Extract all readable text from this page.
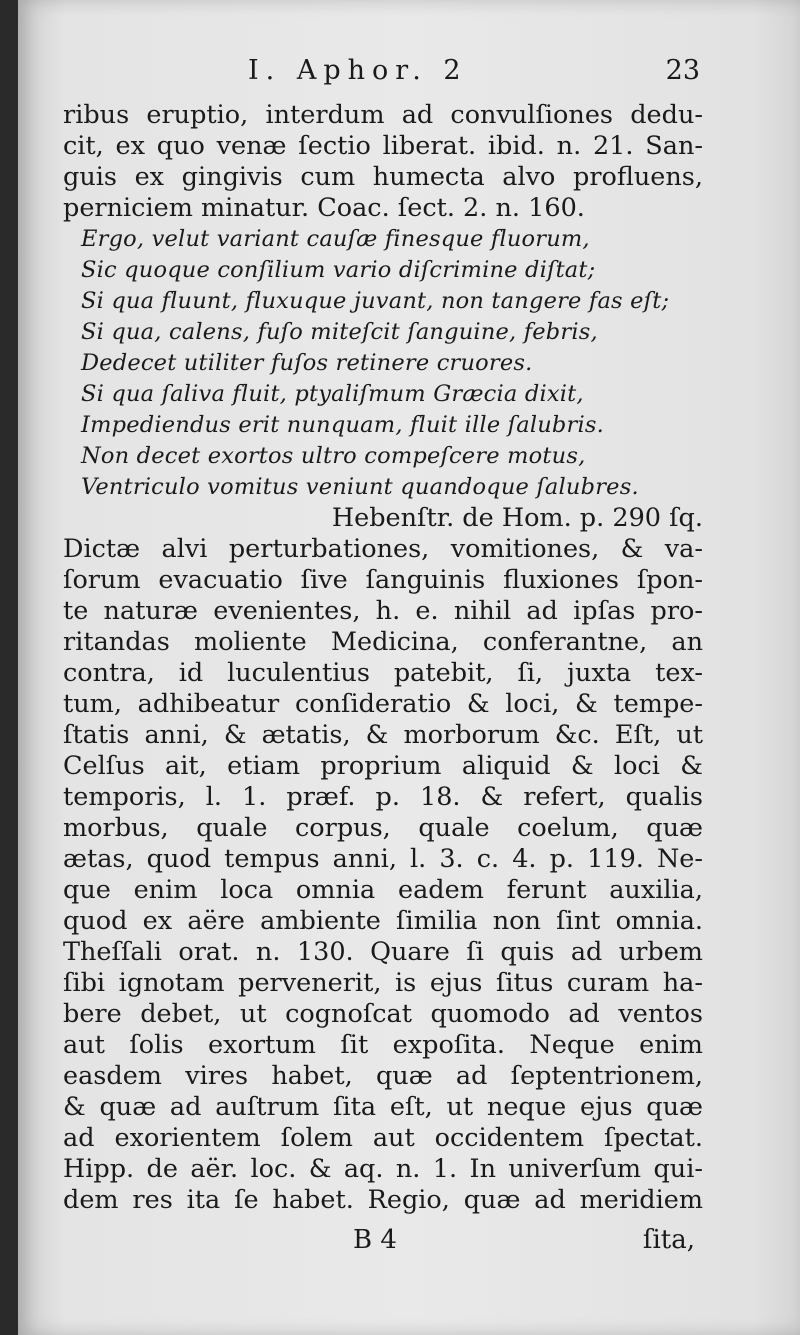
I. Aphor. 2	23
ribus eruptio, interdum ad convulſiones dedu-
cit, ex quo venæ ſectio liberat. ibid. n. 21. San-
guis ex gingivis cum humecta alvo profluens,
perniciem minatur. Coac. ſect. 2. n. 160.
Ergo, velut variant cauſæ finesque fluorum,
Sic quoque conſilium vario diſcrimine diſtat;
Si qua fluunt, fluxuque juvant, non tangere fas eſt;
Si qua, calens, fuſo miteſcit ſanguine, febris,
Dedecet utiliter fuſos retinere cruores.
Si qua ſaliva fluit, ptyaliſmum Græcia dixit,
Impediendus erit nunquam, fluit ille ſalubris.
Non decet exortos ultro compeſcere motus,
Ventriculo vomitus veniunt quandoque ſalubres.
Hebenſtr. de Hom. p. 290 ſq.
Dictæ alvi perturbationes, vomitiones, & va-
ſorum evacuatio ſive ſanguinis fluxiones ſpon-
te naturæ evenientes, h. e. nihil ad ipſas pro-
ritandas moliente Medicina, conferantne, an
contra, id luculentius patebit, ſi, juxta tex-
tum, adhibeatur conſideratio & loci, & tempe-
ſtatis anni, & ætatis, & morborum &c. Eſt, ut
Celſus ait, etiam proprium aliquid & loci &
temporis, l. 1. præf. p. 18. & refert, qualis
morbus, quale corpus, quale coelum, quæ
ætas, quod tempus anni, l. 3. c. 4. p. 119. Ne-
que enim loca omnia eadem ferunt auxilia,
quod ex aëre ambiente ſimilia non ſint omnia.
Theſſali orat. n. 130. Quare ſi quis ad urbem
ſibi ignotam pervenerit, is ejus ſitus curam ha-
bere debet, ut cognoſcat quomodo ad ventos
aut ſolis exortum ſit expoſita. Neque enim
easdem vires habet, quæ ad ſeptentrionem,
& quæ ad auſtrum ſita eſt, ut neque ejus quæ
ad exorientem ſolem aut occidentem ſpectat.
Hipp. de aër. loc. & aq. n. 1. In univerſum qui-
dem res ita ſe habet. Regio, quæ ad meridiem
B 4	ſita,
